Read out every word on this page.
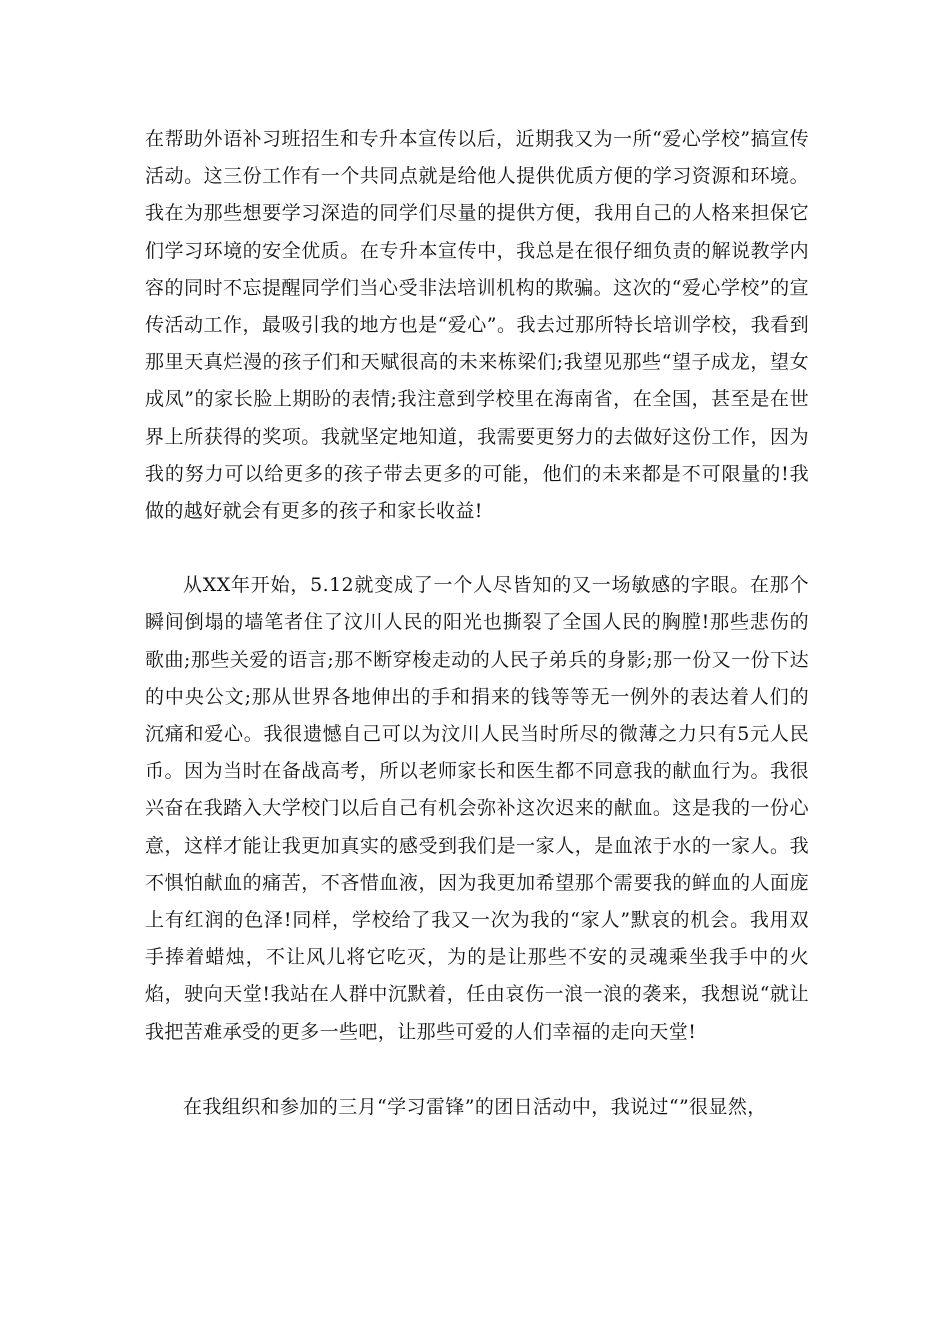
在帮助外语补习班招生和专升本宣传以后，近期我又为一所“爱心学校”搞宣传活动。这三份工作有一个共同点就是给他人提供优质方便的学习资源和环境。我在为那些想要学习深造的同学们尽量的提供方便，我用自己的人格来担保它们学习环境的安全优质。在专升本宣传中，我总是在很仔细负责的解说教学内容的同时不忘提醒同学们当心受非法培训机构的欺骗。这次的“爱心学校”的宣传活动工作，最吸引我的地方也是“爱心”。我去过那所特长培训学校，我看到那里天真烂漫的孩子们和天赋很高的未来栋梁们;我望见那些“望子成龙，望女成凤”的家长脸上期盼的表情;我注意到学校里在海南省，在全国，甚至是在世界上所获得的奖项。我就坚定地知道，我需要更努力的去做好这份工作，因为我的努力可以给更多的孩子带去更多的可能，他们的未来都是不可限量的!我做的越好就会有更多的孩子和家长收益!

从XX年开始，5.12就变成了一个人尽皆知的又一场敏感的字眼。在那个瞬间倒塌的墙笔者住了汶川人民的阳光也撕裂了全国人民的胸膛!那些悲伤的歌曲;那些关爱的语言;那不断穿梭走动的人民子弟兵的身影;那一份又一份下达的中央公文;那从世界各地伸出的手和捐来的钱等等无一例外的表达着人们的沉痛和爱心。我很遗憾自己可以为汶川人民当时所尽的微薄之力只有5元人民币。因为当时在备战高考，所以老师家长和医生都不同意我的献血行为。我很兴奋在我踏入大学校门以后自己有机会弥补这次迟来的献血。这是我的一份心意，这样才能让我更加真实的感受到我们是一家人，是血浓于水的一家人。我不惧怕献血的痛苦，不吝惜血液，因为我更加希望那个需要我的鲜血的人面庞上有红润的色泽!同样，学校给了我又一次为我的“家人”默哀的机会。我用双手捧着蜡烛，不让风儿将它吃灭，为的是让那些不安的灵魂乘坐我手中的火焰，驶向天堂!我站在人群中沉默着，任由哀伤一浪一浪的袭来，我想说“就让我把苦难承受的更多一些吧，让那些可爱的人们幸福的走向天堂!

在我组织和参加的三月“学习雷锋”的团日活动中，我说过“”很显然，
